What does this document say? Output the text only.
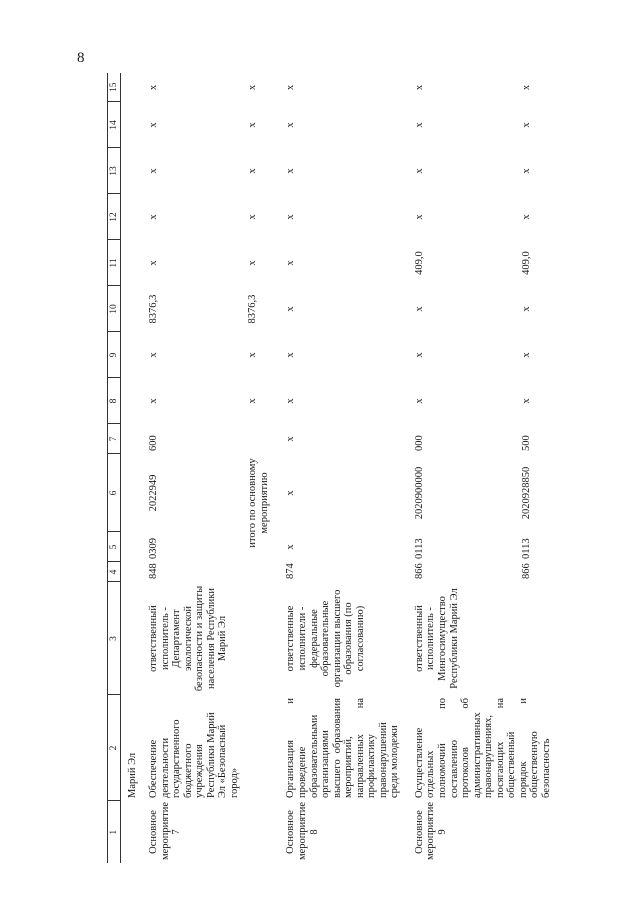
8
1	2	3	4	5	6	7	8	9	10	11	12	13	14	15
	Марий Эл													
Основное мероприятие 7	Обеспечение деятельности государственного бюджетного учреждения Республики Марий Эл «Безопасный город»	ответственный исполнитель - Департамент экологической безопасности и защиты населения Республики Марий Эл	848	0309	2022949	600	x	x	8376,3	x	x	x	x	x
			итого по основному мероприятию				x	x	8376,3	x	x	x	x	x
Основное мероприятие 8	Организация и проведение образовательными организациями высшего образования мероприятий, направленных на профилактику правонарушений среди молодежи	ответственные исполнители - федеральные образовательные организации высшего образования (по согласованию)	874	x	x	x	x	x	x	x	x	x	x	x
Основное мероприятие 9	Осуществление отдельных полномочий по составлению протоколов об административных правонарушениях, посягающих на общественный порядок и общественную безопасность	ответственный исполнитель - Мингосимущество Республики Марий Эл	866	0113	2020900000	000	x	x	x	409,0	x	x	x	x
			866	0113	2020928850	500	x	x	x	409,0	x	x	x	x
